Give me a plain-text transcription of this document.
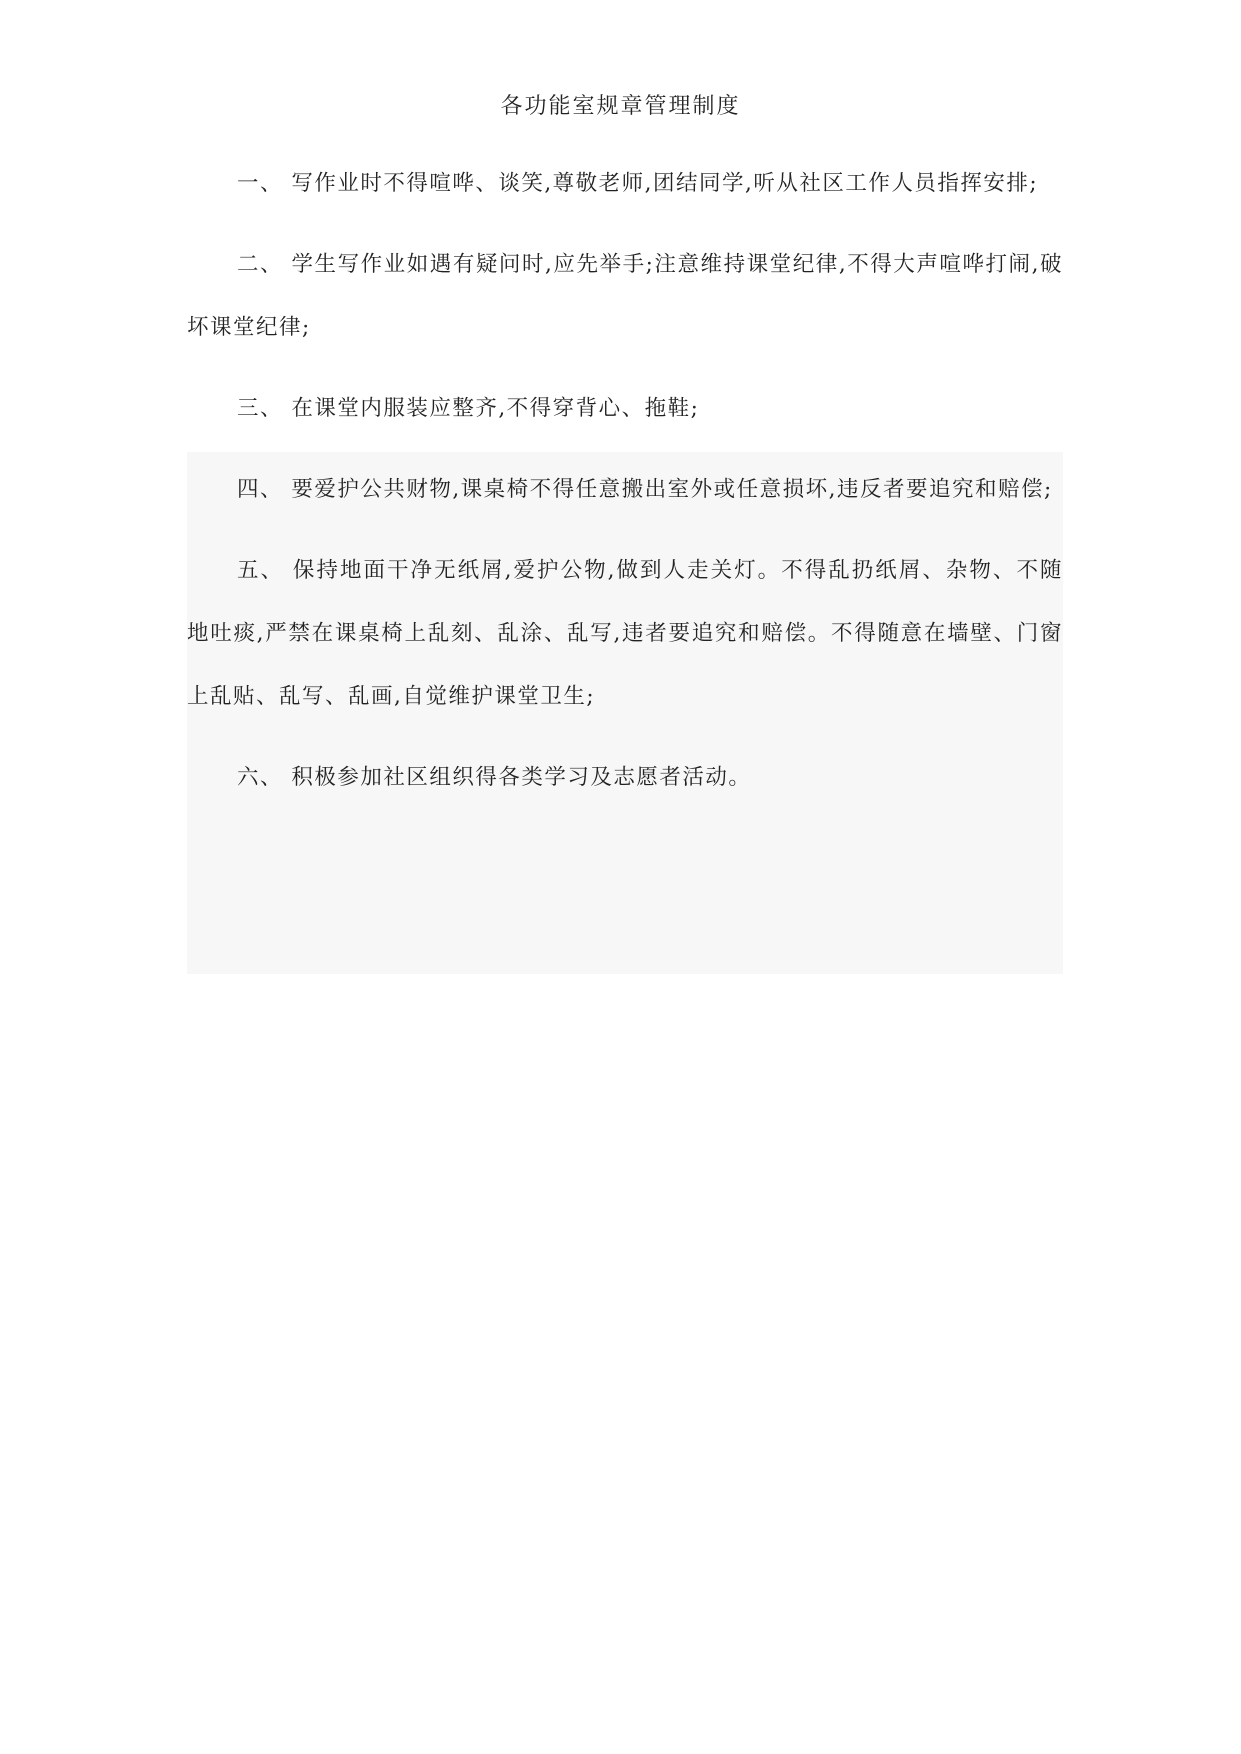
各功能室规章管理制度

一、 写作业时不得喧哗、谈笑,尊敬老师,团结同学,听从社区工作人员指挥安排;

二、 学生写作业如遇有疑问时,应先举手;注意维持课堂纪律,不得大声喧哗打闹,破坏课堂纪律;

三、 在课堂内服装应整齐,不得穿背心、拖鞋;

四、 要爱护公共财物,课桌椅不得任意搬出室外或任意损坏,违反者要追究和赔偿;

五、 保持地面干净无纸屑,爱护公物,做到人走关灯。不得乱扔纸屑、杂物、不随地吐痰,严禁在课桌椅上乱刻、乱涂、乱写,违者要追究和赔偿。不得随意在墙壁、门窗上乱贴、乱写、乱画,自觉维护课堂卫生;

六、 积极参加社区组织得各类学习及志愿者活动。
